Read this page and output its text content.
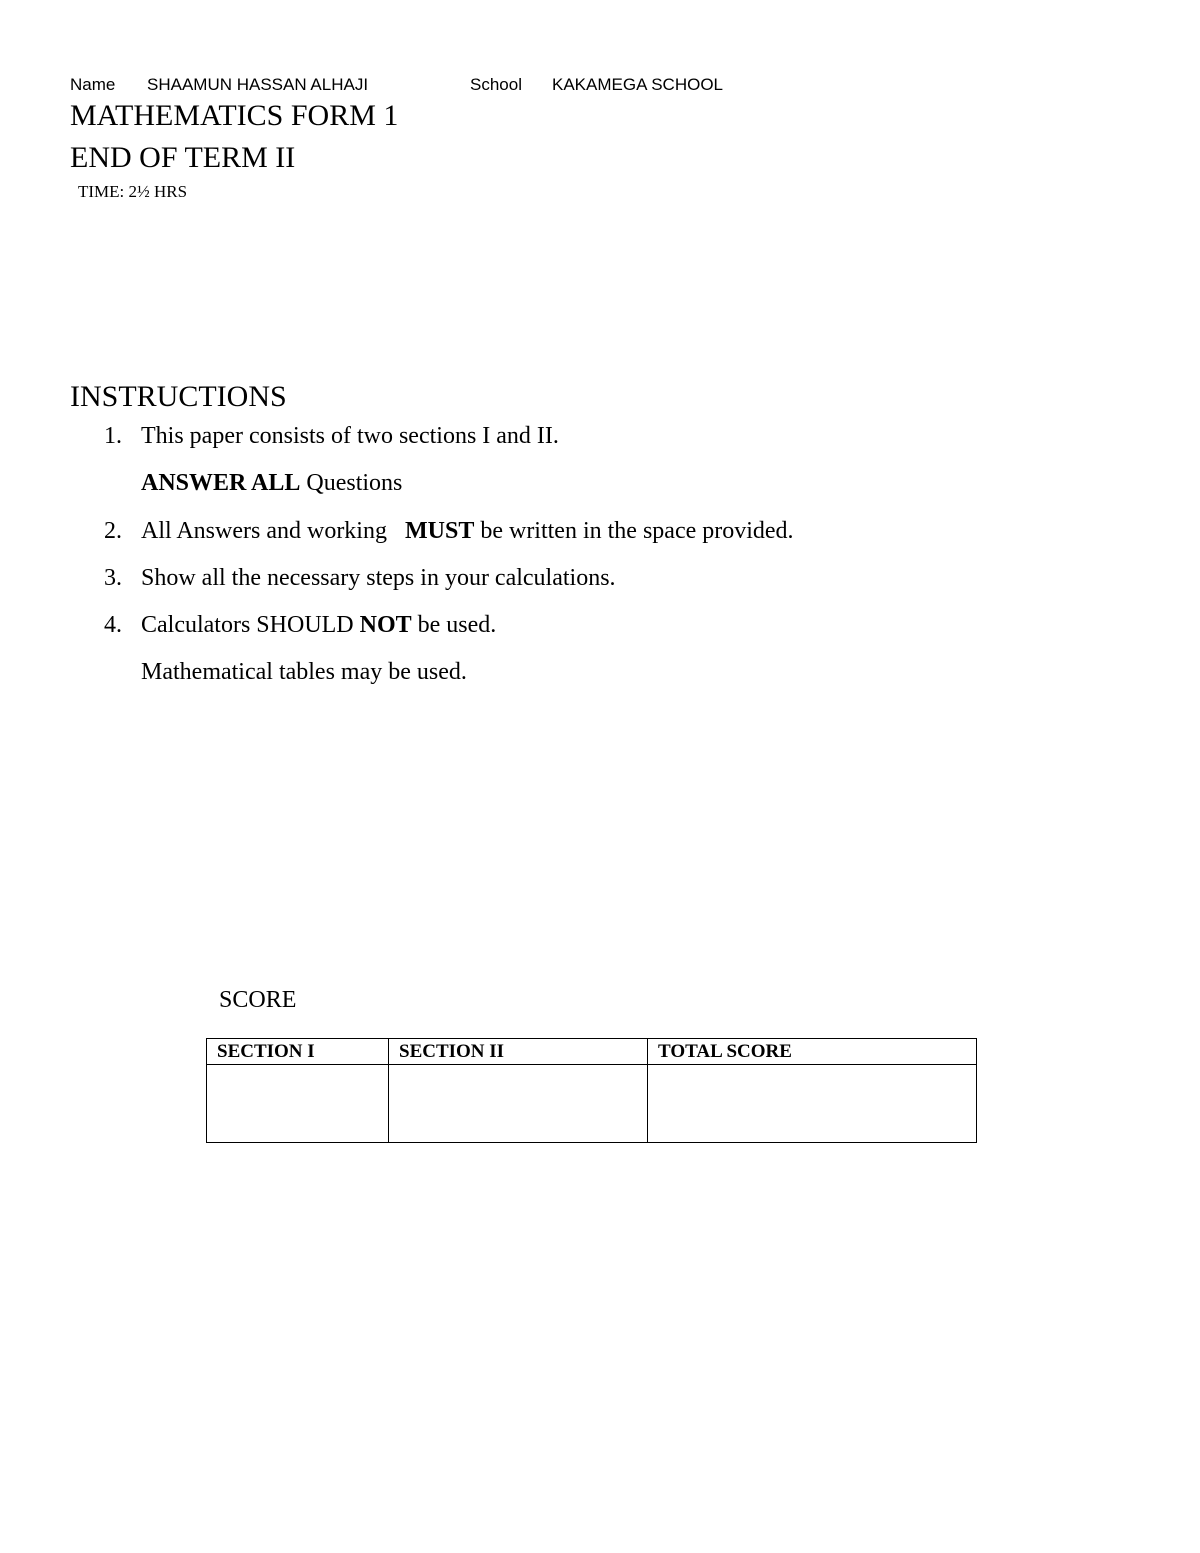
Name SHAAMUN HASSAN ALHAJI	School KAKAMEGA SCHOOL
MATHEMATICS FORM 1
END OF TERM II
TIME: 2½ HRS
INSTRUCTIONS
1. This paper consists of two sections I and II.
ANSWER ALL Questions
2. All Answers and working   MUST be written in the space provided.
3. Show all the necessary steps in your calculations.
4. Calculators SHOULD NOT be used.
Mathematical tables may be used.
SCORE
SECTION I	SECTION II	TOTAL SCORE
